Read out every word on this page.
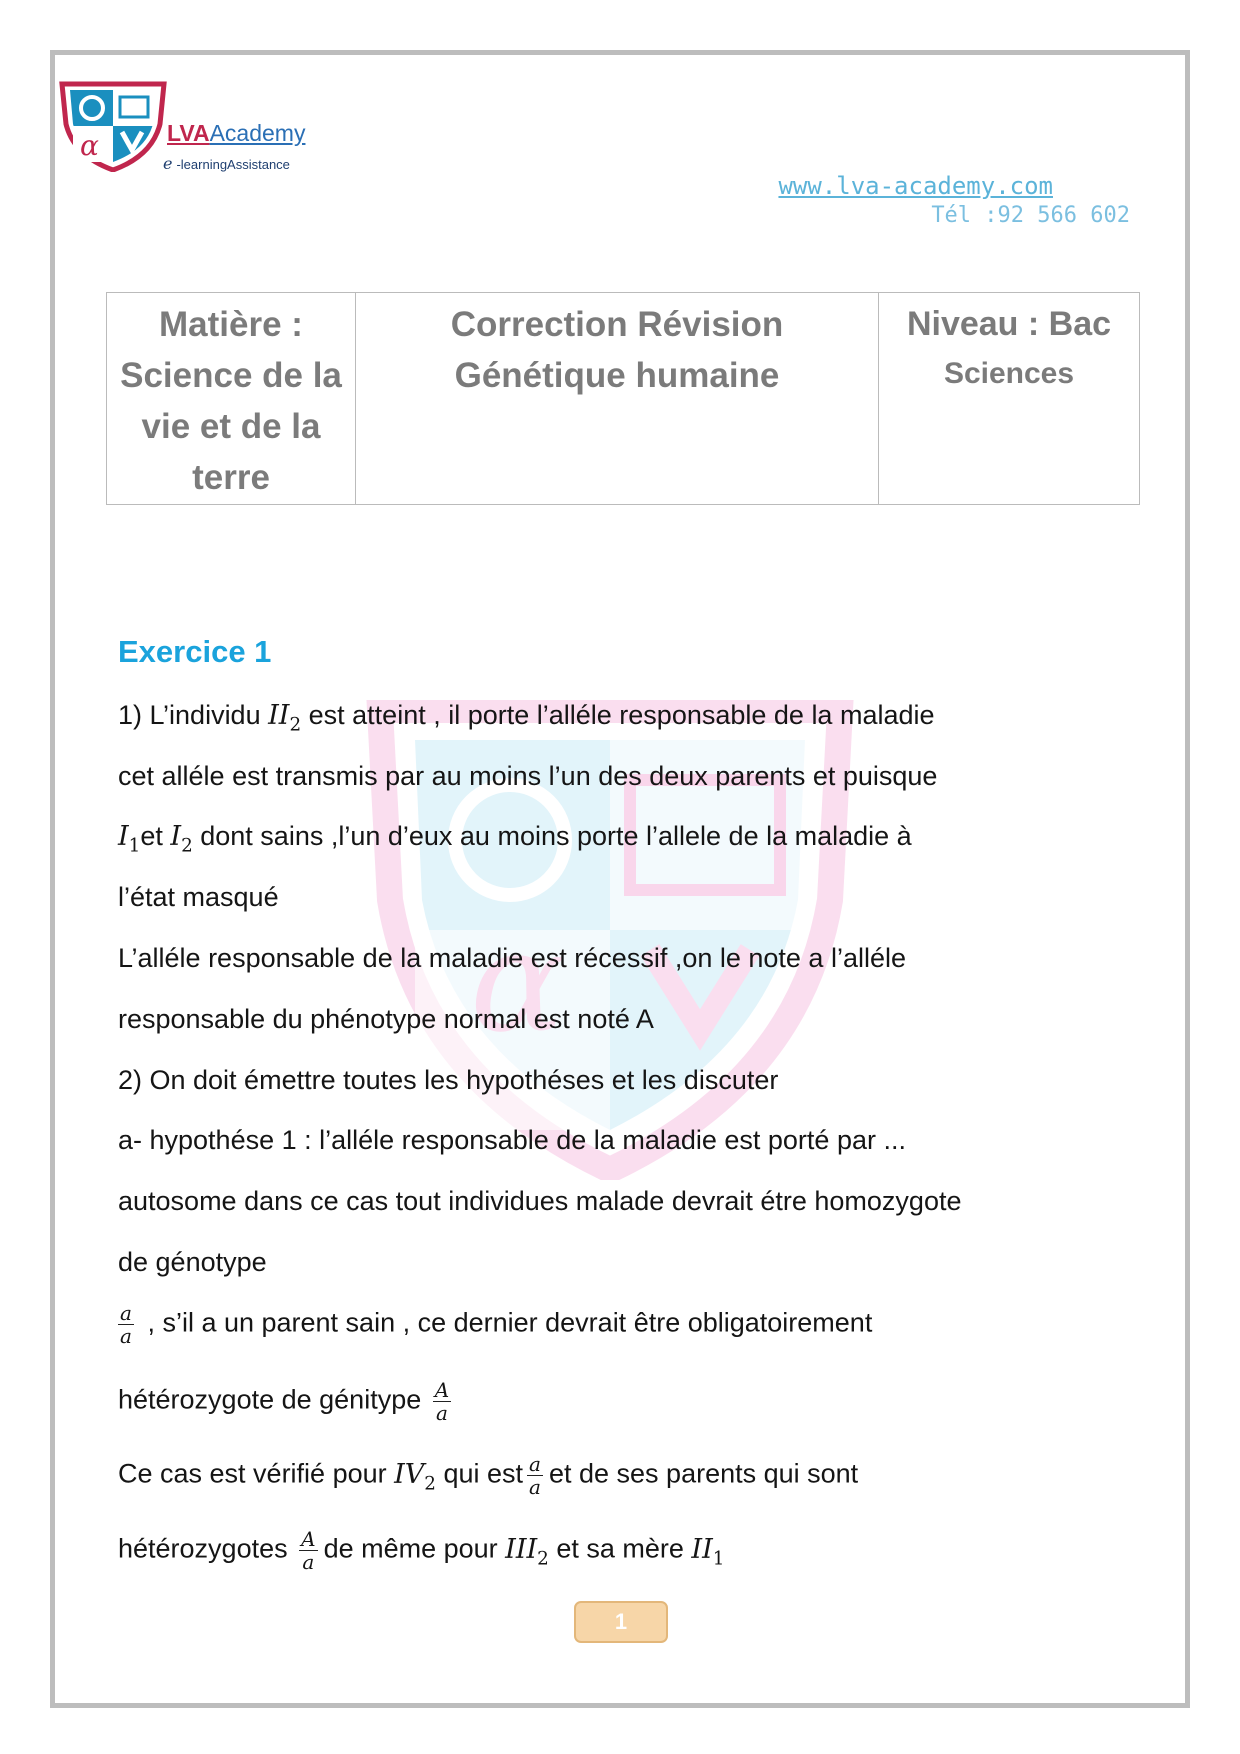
α
α	LVAAcademy
e -learningAssistance
www.lva-academy.com
Tél :92 566 602
Matière :
Science de la
vie et de la
terre

Correction Révision
Génétique humaine

Niveau : Bac
Sciences
Exercice 1
1) L’individu $II_2$ est atteint , il porte l’alléle responsable de la maladie
cet alléle est transmis par au moins l’un des deux parents et puisque
$I_1et$ $I_2$ dont sains ,l’un d’eux au moins porte l’allele de la maladie à
l’état masqué
L’alléle responsable de la maladie est récessif ,on le note a l’alléle
responsable du phénotype normal est noté A
2) On doit émettre toutes les hypothéses et les discuter
a- hypothése 1 : l’alléle responsable de la maladie est porté par ...
autosome dans ce cas tout individues malade devrait étre homozygote
de génotype
$\frac{a}{a}$ , s’il a un parent sain , ce dernier devrait être obligatoirement
hétérozygote de génitype $\frac{A}{a}$
Ce cas est vérifié pour $IV_2$ qui est $\frac{a}{a}$ et de ses parents qui sont
hétérozygotes $\frac{A}{a}$ de même pour $III_2$ et sa mère $II_1$
1
